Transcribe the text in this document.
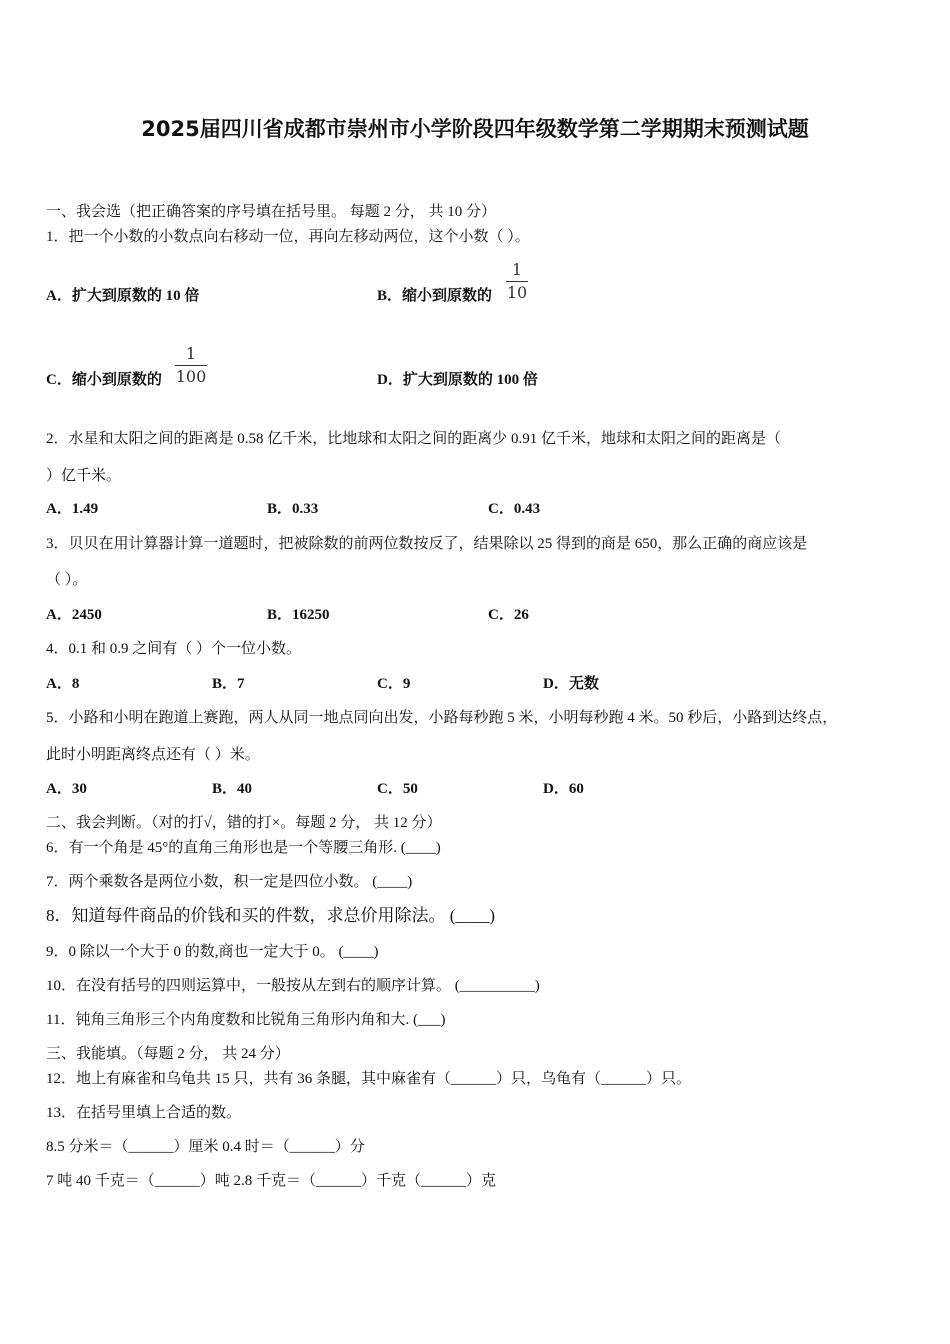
2025届四川省成都市崇州市小学阶段四年级数学第二学期期末预测试题
一、我会选（把正确答案的序号填在括号里。 每题 2 分， 共 10 分）
1．把一个小数的小数点向右移动一位，再向左移动两位，这个小数（ ）。
A．扩大到原数的 10 倍	B．缩小到原数的
1
10
C．缩小到原数的
1
100	D．扩大到原数的 100 倍
2．水星和太阳之间的距离是 0.58 亿千米，比地球和太阳之间的距离少 0.91 亿千米，地球和太阳之间的距离是（
）亿千米。
A．1.49	B．0.33	C．0.43
3．贝贝在用计算器计算一道题时，把被除数的前两位数按反了，结果除以 25 得到的商是 650，那么正确的商应该是
（ ）。
A．2450	B．16250	C．26
4．0.1 和 0.9 之间有（ ）个一位小数。
A．8	B．7	C．9	D．无数
5．小路和小明在跑道上赛跑，两人从同一地点同向出发，小路每秒跑 5 米，小明每秒跑 4 米。50 秒后，小路到达终点，
此时小明距离终点还有（ ）米。
A．30	B．40	C．50	D．60
二、我会判断。（对的打√，错的打×。每题 2 分， 共 12 分）
6．有一个角是 45°的直角三角形也是一个等腰三角形. (____)
7．两个乘数各是两位小数，积一定是四位小数。 (____)
8．知道每件商品的价钱和买的件数，求总价用除法。 (____)
9．0 除以一个大于 0 的数,商也一定大于 0。 (____)
10．在没有括号的四则运算中，一般按从左到右的顺序计算。 (__________)
11．钝角三角形三个内角度数和比锐角三角形内角和大. (___)
三、我能填。（每题 2 分， 共 24 分）
12．地上有麻雀和乌龟共 15 只，共有 36 条腿，其中麻雀有（______）只，乌龟有（______）只。
13．在括号里填上合适的数。
8.5 分米＝（______）厘米 0.4 时＝（______）分
7 吨 40 千克＝（______）吨 2.8 千克＝（______）千克（______）克
